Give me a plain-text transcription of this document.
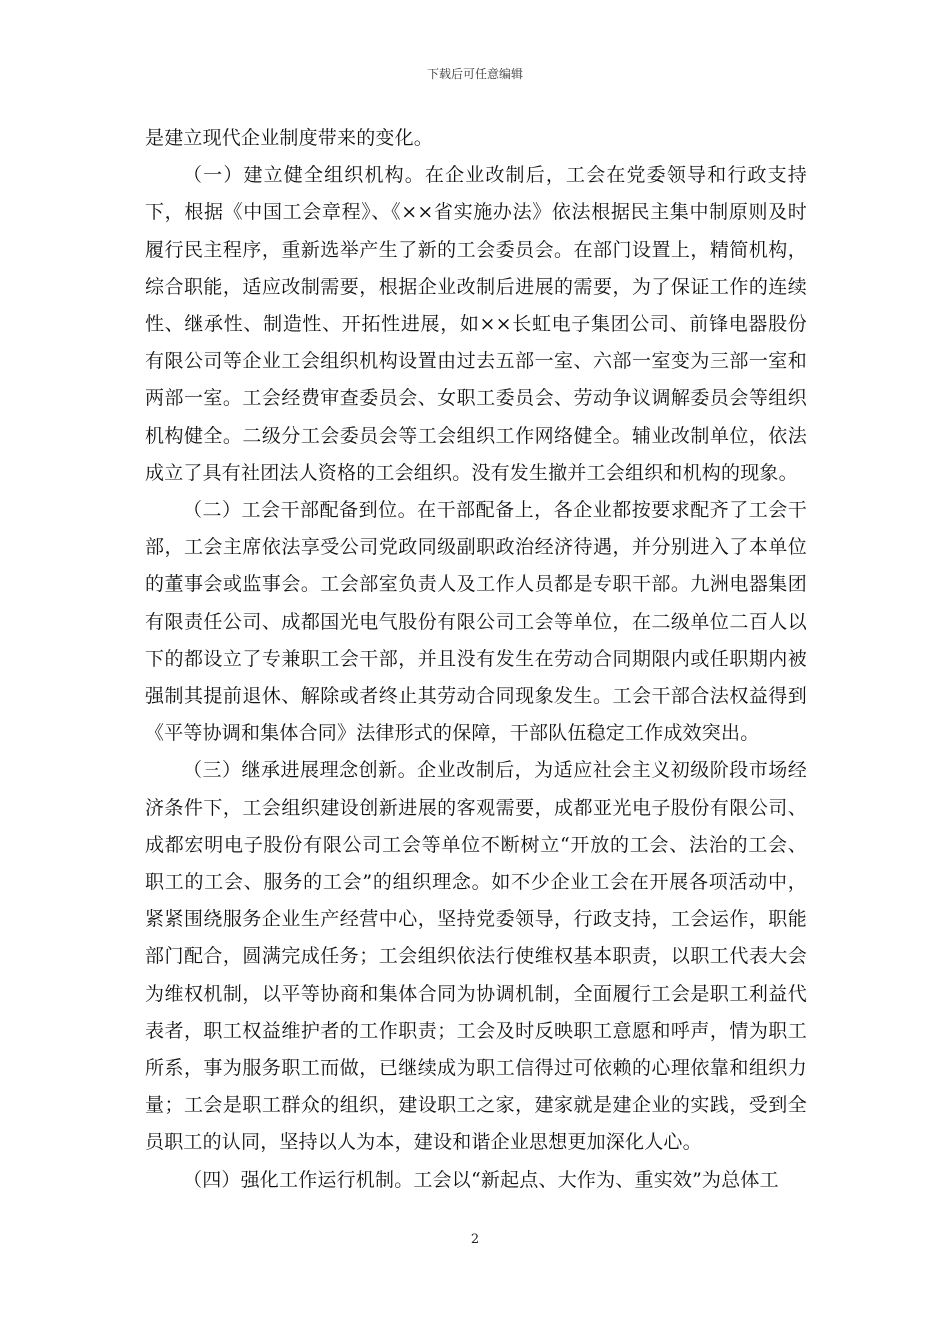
下载后可任意编辑

是建立现代企业制度带来的变化。

（一）建立健全组织机构。在企业改制后，工会在党委领导和行政支持下，根据《中国工会章程》、《××省实施办法》依法根据民主集中制原则及时履行民主程序，重新选举产生了新的工会委员会。在部门设置上，精简机构，综合职能，适应改制需要，根据企业改制后进展的需要，为了保证工作的连续性、继承性、制造性、开拓性进展，如××长虹电子集团公司、前锋电器股份有限公司等企业工会组织机构设置由过去五部一室、六部一室变为三部一室和两部一室。工会经费审查委员会、女职工委员会、劳动争议调解委员会等组织机构健全。二级分工会委员会等工会组织工作网络健全。辅业改制单位，依法成立了具有社团法人资格的工会组织。没有发生撤并工会组织和机构的现象。

（二）工会干部配备到位。在干部配备上，各企业都按要求配齐了工会干部，工会主席依法享受公司党政同级副职政治经济待遇，并分别进入了本单位的董事会或监事会。工会部室负责人及工作人员都是专职干部。九洲电器集团有限责任公司、成都国光电气股份有限公司工会等单位，在二级单位二百人以下的都设立了专兼职工会干部，并且没有发生在劳动合同期限内或任职期内被强制其提前退休、解除或者终止其劳动合同现象发生。工会干部合法权益得到《平等协调和集体合同》法律形式的保障，干部队伍稳定工作成效突出。

（三）继承进展理念创新。企业改制后，为适应社会主义初级阶段市场经济条件下，工会组织建设创新进展的客观需要，成都亚光电子股份有限公司、成都宏明电子股份有限公司工会等单位不断树立“开放的工会、法治的工会、职工的工会、服务的工会”的组织理念。如不少企业工会在开展各项活动中，紧紧围绕服务企业生产经营中心，坚持党委领导，行政支持，工会运作，职能部门配合，圆满完成任务；工会组织依法行使维权基本职责，以职工代表大会为维权机制，以平等协商和集体合同为协调机制，全面履行工会是职工利益代表者，职工权益维护者的工作职责；工会及时反映职工意愿和呼声，情为职工所系，事为服务职工而做，已继续成为职工信得过可依赖的心理依靠和组织力量；工会是职工群众的组织，建设职工之家，建家就是建企业的实践，受到全员职工的认同，坚持以人为本，建设和谐企业思想更加深化人心。

（四）强化工作运行机制。工会以“新起点、大作为、重实效”为总体工

2
